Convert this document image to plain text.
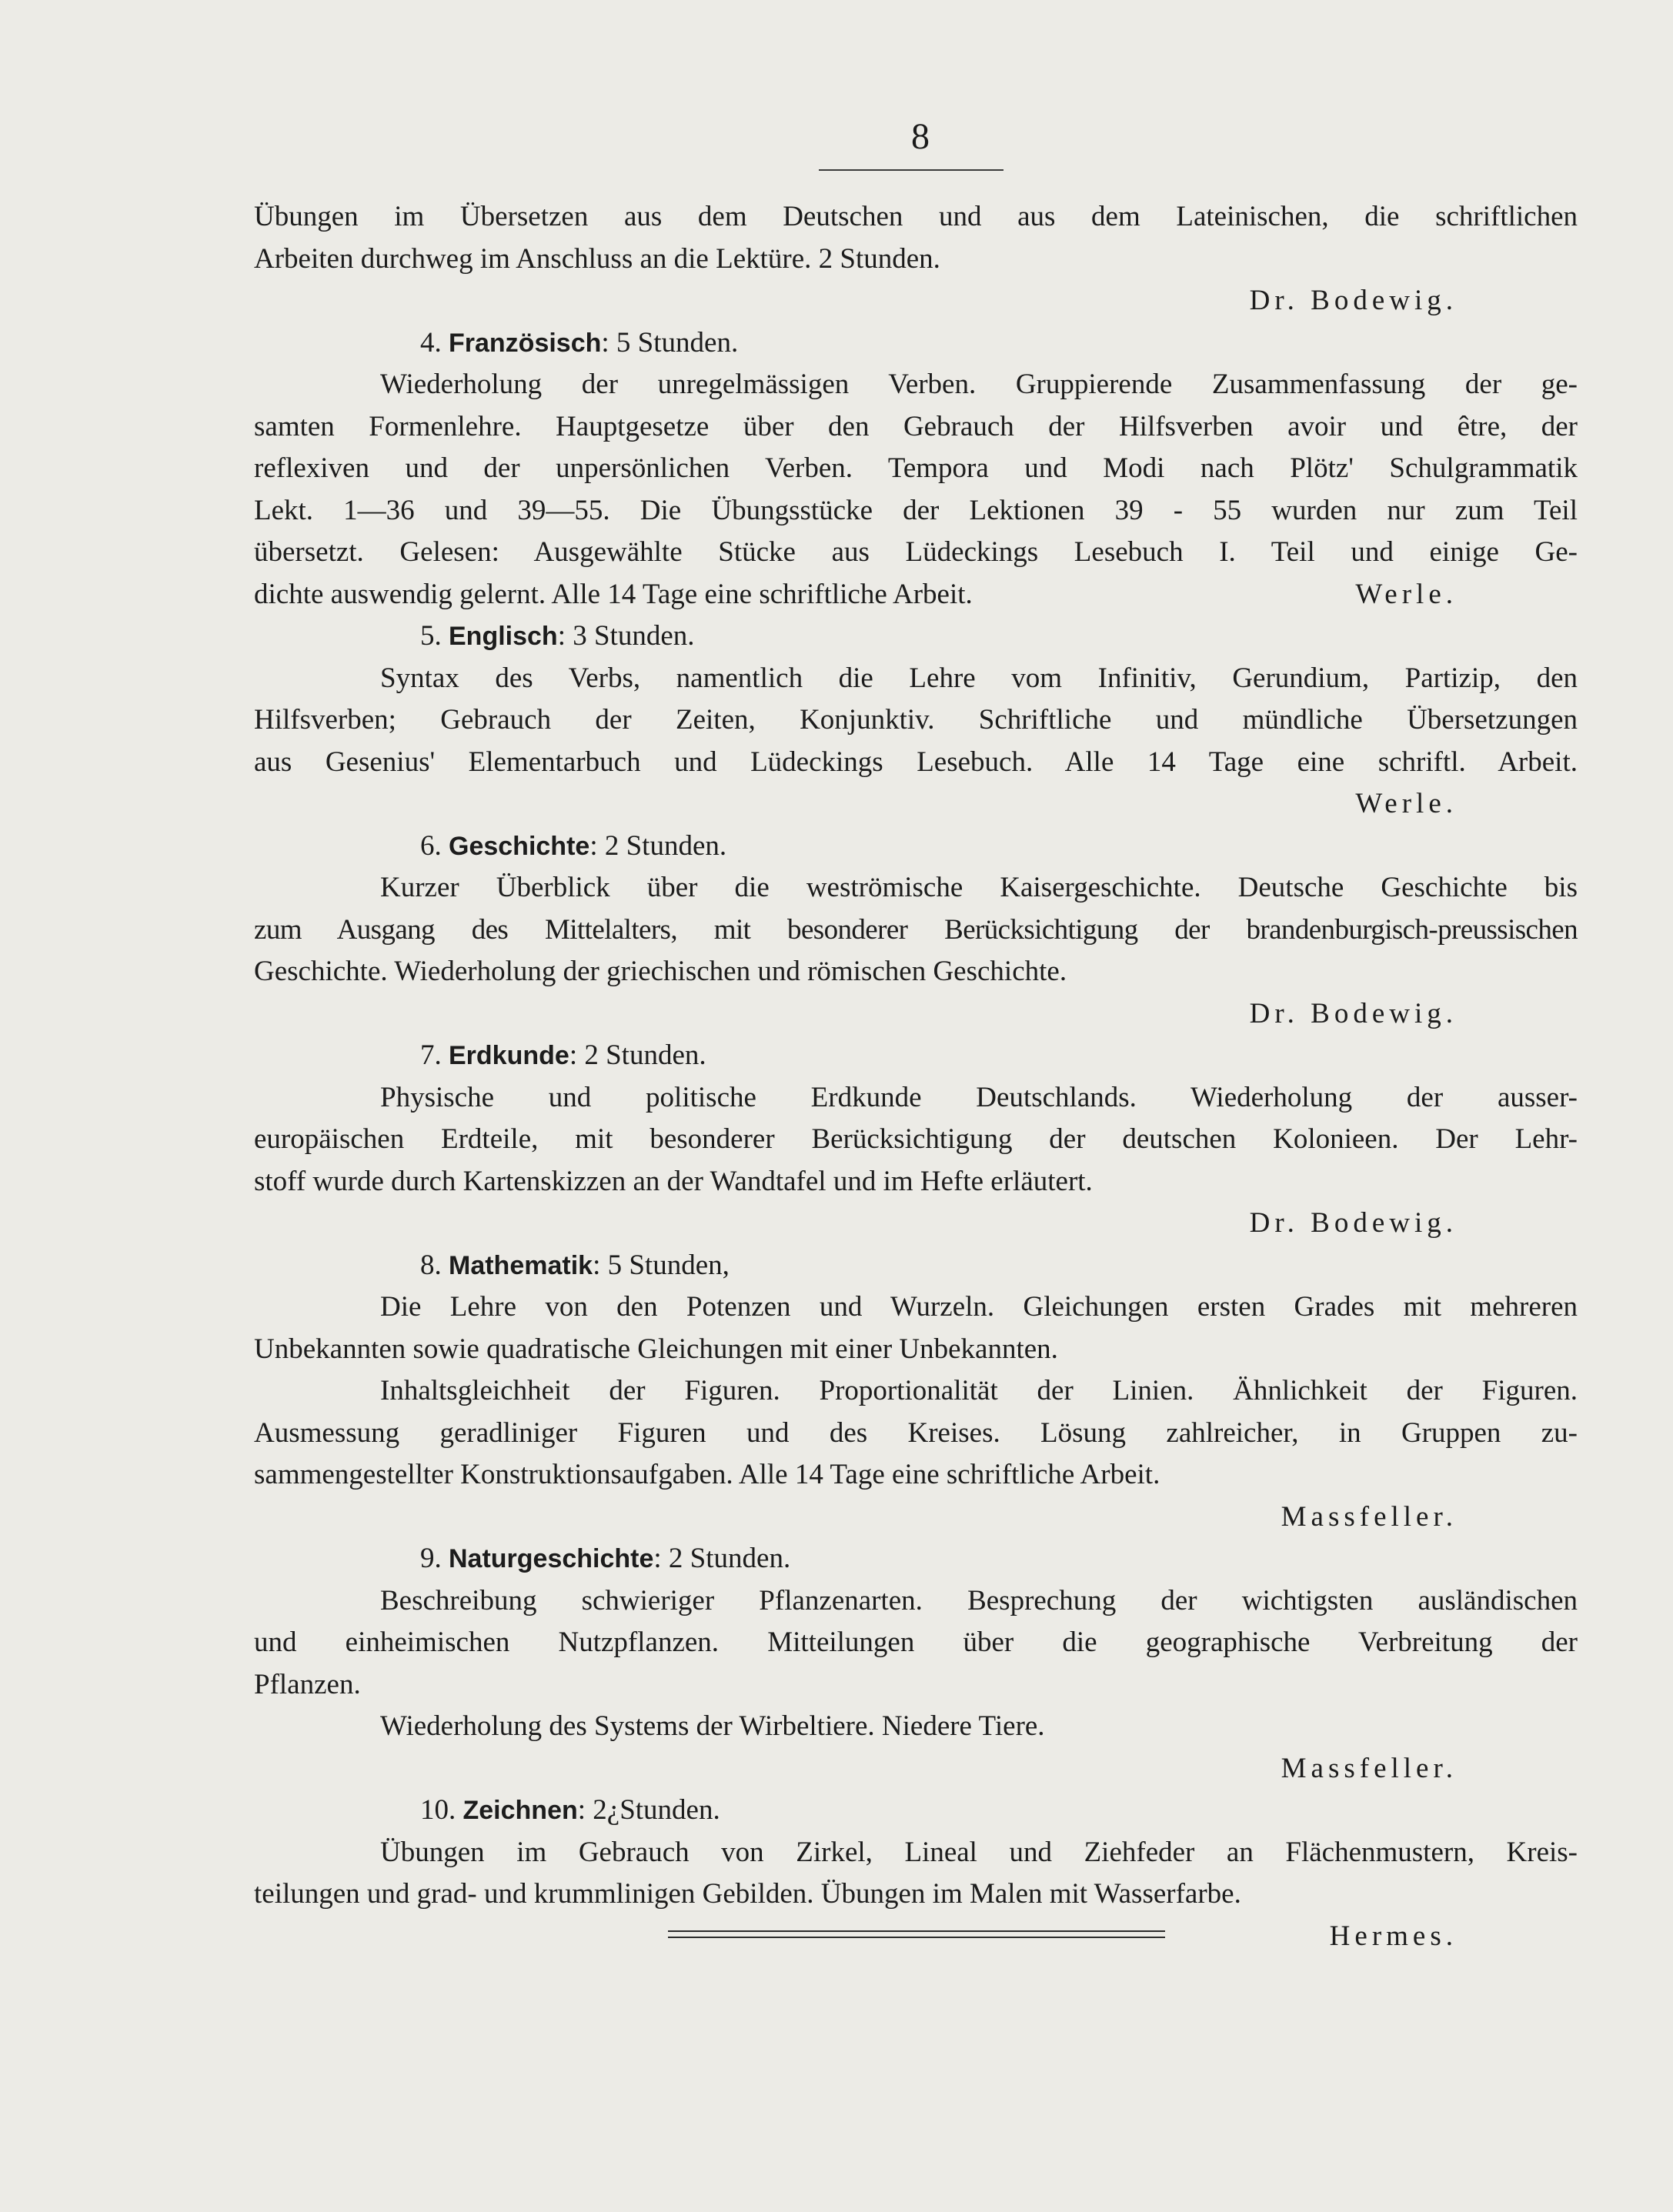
8
Übungen im Übersetzen aus dem Deutschen und aus dem Lateinischen, die schriftlichen
Arbeiten durchweg im Anschluss an die Lektüre. 2 Stunden.
Dr. Bodewig.
4. Französisch: 5 Stunden.
Wiederholung der unregelmässigen Verben. Gruppierende Zusammenfassung der ge-
samten Formenlehre. Hauptgesetze über den Gebrauch der Hilfsverben avoir und être, der
reflexiven und der unpersönlichen Verben. Tempora und Modi nach Plötz' Schulgrammatik
Lekt. 1—36 und 39—55. Die Übungsstücke der Lektionen 39 - 55 wurden nur zum Teil
übersetzt. Gelesen: Ausgewählte Stücke aus Lüdeckings Lesebuch I. Teil und einige Ge-
dichte auswendig gelernt. Alle 14 Tage eine schriftliche Arbeit.	Werle.
5. Englisch: 3 Stunden.
Syntax des Verbs, namentlich die Lehre vom Infinitiv, Gerundium, Partizip, den
Hilfsverben; Gebrauch der Zeiten, Konjunktiv. Schriftliche und mündliche Übersetzungen
aus Gesenius' Elementarbuch und Lüdeckings Lesebuch. Alle 14 Tage eine schriftl. Arbeit.
Werle.
6. Geschichte: 2 Stunden.
Kurzer Überblick über die weströmische Kaisergeschichte. Deutsche Geschichte bis
zum Ausgang des Mittelalters, mit besonderer Berücksichtigung der brandenburgisch-preussischen
Geschichte. Wiederholung der griechischen und römischen Geschichte.
Dr. Bodewig.
7. Erdkunde: 2 Stunden.
Physische und politische Erdkunde Deutschlands. Wiederholung der ausser-
europäischen Erdteile, mit besonderer Berücksichtigung der deutschen Kolonieen. Der Lehr-
stoff wurde durch Kartenskizzen an der Wandtafel und im Hefte erläutert.
Dr. Bodewig.
8. Mathematik: 5 Stunden,
Die Lehre von den Potenzen und Wurzeln. Gleichungen ersten Grades mit mehreren
Unbekannten sowie quadratische Gleichungen mit einer Unbekannten.
Inhaltsgleichheit der Figuren. Proportionalität der Linien. Ähnlichkeit der Figuren.
Ausmessung geradliniger Figuren und des Kreises. Lösung zahlreicher, in Gruppen zu-
sammengestellter Konstruktionsaufgaben. Alle 14 Tage eine schriftliche Arbeit.
Massfeller.
9. Naturgeschichte: 2 Stunden.
Beschreibung schwieriger Pflanzenarten. Besprechung der wichtigsten ausländischen
und einheimischen Nutzpflanzen. Mitteilungen über die geographische Verbreitung der
Pflanzen.
Wiederholung des Systems der Wirbeltiere. Niedere Tiere.
Massfeller.
10. Zeichnen: 2¿Stunden.
Übungen im Gebrauch von Zirkel, Lineal und Ziehfeder an Flächenmustern, Kreis-
teilungen und grad- und krummlinigen Gebilden. Übungen im Malen mit Wasserfarbe.
Hermes.
